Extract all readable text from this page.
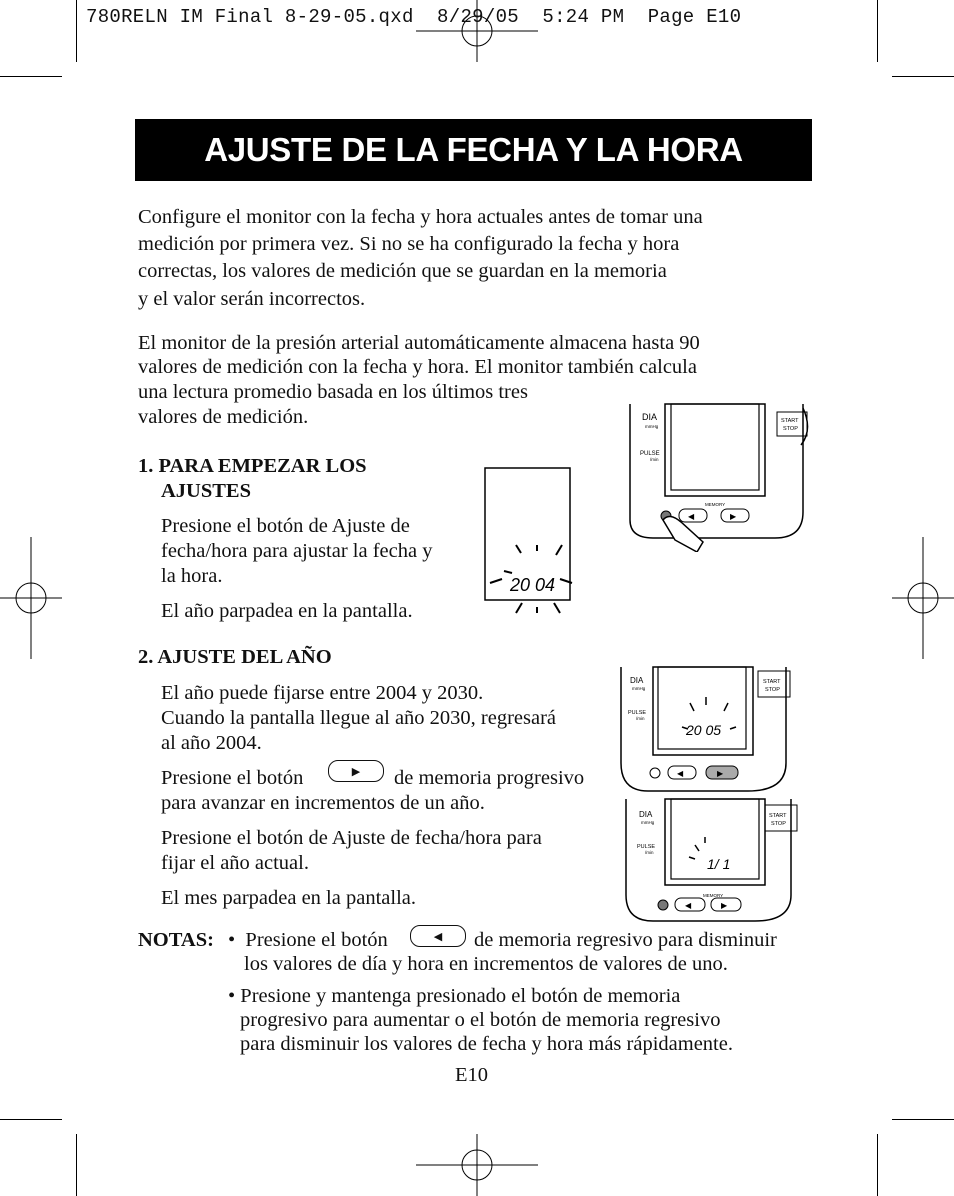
780RELN IM Final 8-29-05.qxd  8/29/05  5:24 PM  Page E10
AJUSTE DE LA FECHA Y LA HORA
Configure el monitor con la fecha y hora actuales antes de tomar una
medición por primera vez. Si no se ha configurado la fecha y hora
correctas, los valores de medición que se guardan en la memoria
y el valor serán incorrectos.
El monitor de la presión arterial automáticamente almacena hasta 90
valores de medición con la fecha y hora. El monitor también calcula
una lectura promedio basada en los últimos tres
valores de medición.
1. PARA EMPEZAR LOS
AJUSTES
Presione el botón de Ajuste de
fecha/hora para ajustar la fecha y
la hora.
El año parpadea en la pantalla.
2. AJUSTE DEL AÑO
El año puede fijarse entre 2004 y 2030.
Cuando la pantalla llegue al año 2030, regresará
al año 2004.
Presione el botón	▶	de memoria progresivo
para avanzar en incrementos de un año.
Presione el botón de Ajuste de fecha/hora para
fijar el año actual.
El mes parpadea en la pantalla.
NOTAS: •  Presione el botón	◀	de memoria regresivo para disminuir
los valores de día y hora en incrementos de valores de uno.
• Presione y mantenga presionado el botón de memoria
progresivo para aumentar o el botón de memoria regresivo
para disminuir los valores de fecha y hora más rápidamente.
E10
DIA
mmHg
PULSE
/min
START
STOP
MEMORY
◀	▶
20 04
DIA
mmHg
PULSE
/min
START
STOP
20 05
◀	▶
DIA
mmHg
PULSE
/min
START
STOP
1/ 1
MEMORY
◀	▶
